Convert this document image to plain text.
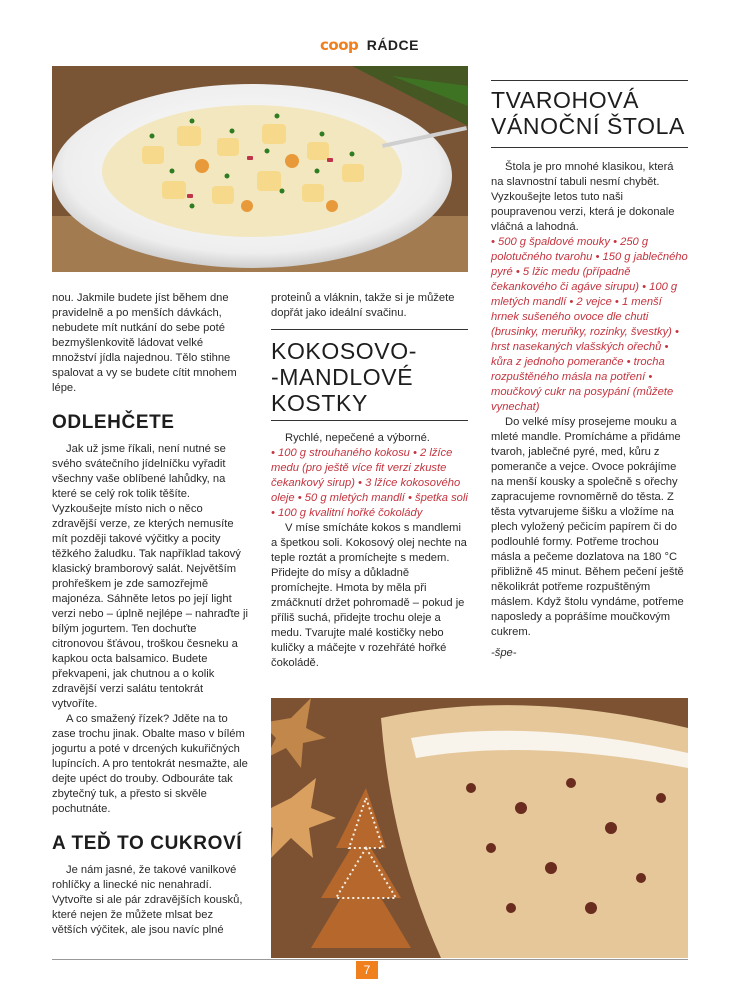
coop RÁDCE

nou. Jakmile budete jíst během dne pravidelně a po menších dávkách, nebudete mít nutkání do sebe poté bezmyšlenkovitě ládovat velké množství jídla najednou. Tělo stihne spalovat a vy se budete cítit mnohem lépe.

ODLEHČETE

Jak už jsme říkali, není nutné se svého svátečního jídelníčku vyřadit všechny vaše oblíbené lahůdky, na které se celý rok tolik těšíte. Vyzkoušejte místo nich o něco zdravější verze, ze kterých nemusíte mít později takové výčitky a pocity těžkého žaludku. Tak například takový klasický bramborový salát. Největším prohřeškem je zde samozřejmě majonéza. Sáhněte letos po její light verzi nebo – úplně nejlépe – nahraďte ji bílým jogurtem. Ten dochuťte citronovou šťávou, troškou česneku a kapkou octa balsamico. Budete překvapeni, jak chutnou a o kolik zdravější verzi salátu tentokrát vytvoříte.

A co smažený řízek? Jděte na to zase trochu jinak. Obalte maso v bílém jogurtu a poté v drcených kukuřičných lupíncích. A pro tentokrát nesmažte, ale dejte upéct do trouby. Odbouráte tak zbytečný tuk, a přesto si skvěle pochutnáte.

A TEĎ TO CUKROVÍ

Je nám jasné, že takové vanilkové rohlíčky a linecké nic nenahradí. Vytvořte si ale pár zdravějších kousků, které nejen že můžete mlsat bez větších výčitek, ale jsou navíc plné

proteinů a vláknin, takže si je můžete dopřát jako ideální svačinu.

KOKOSOVO-
-MANDLOVÉ
KOSTKY

Rychlé, nepečené a výborné.

• 100 g strouhaného kokosu • 2 lžíce medu (pro ještě více fit verzi zkuste čekankový sirup) • 3 lžíce kokosového oleje • 50 g mletých mandlí • špetka soli • 100 g kvalitní hořké čokolády

V míse smícháte kokos s mandlemi a špetkou soli. Kokosový olej nechte na teple roztát a promíchejte s medem. Přidejte do mísy a důkladně promíchejte. Hmota by měla při zmáčknutí držet pohromadě – pokud je příliš suchá, přidejte trochu oleje a medu. Tvarujte malé kostičky nebo kuličky a máčejte v rozehřáté hořké čokoládě.

TVAROHOVÁ
VÁNOČNÍ ŠTOLA

Štola je pro mnohé klasikou, která na slavnostní tabuli nesmí chybět. Vyzkoušejte letos tuto naši poupravenou verzi, která je dokonale vláčná a lahodná.

• 500 g špaldové mouky • 250 g polotučného tvarohu • 150 g jablečného pyré • 5 lžic medu (případně čekankového či agáve sirupu) • 100 g mletých mandlí • 2 vejce • 1 menší hrnek sušeného ovoce dle chuti (brusinky, meruňky, rozinky, švestky) • hrst nasekaných vlašských ořechů • kůra z jednoho pomeranče • trocha rozpuštěného másla na potření • moučkový cukr na posypání (můžete vynechat)

Do velké mísy prosejeme mouku a mleté mandle. Promícháme a přidáme tvaroh, jablečné pyré, med, kůru z pomeranče a vejce. Ovoce pokrájíme na menší kousky a společně s ořechy zapracujeme rovnoměrně do těsta. Z těsta vytvarujeme šišku a vložíme na plech vyložený pečicím papírem či do podlouhlé formy. Potřeme trochou másla a pečeme dozlatova na 180 °C přibližně 45 minut. Během pečení ještě několikrát potřeme rozpuštěným máslem. Když štolu vyndáme, potřeme naposledy a poprášíme moučkovým cukrem.

-špe-

7
